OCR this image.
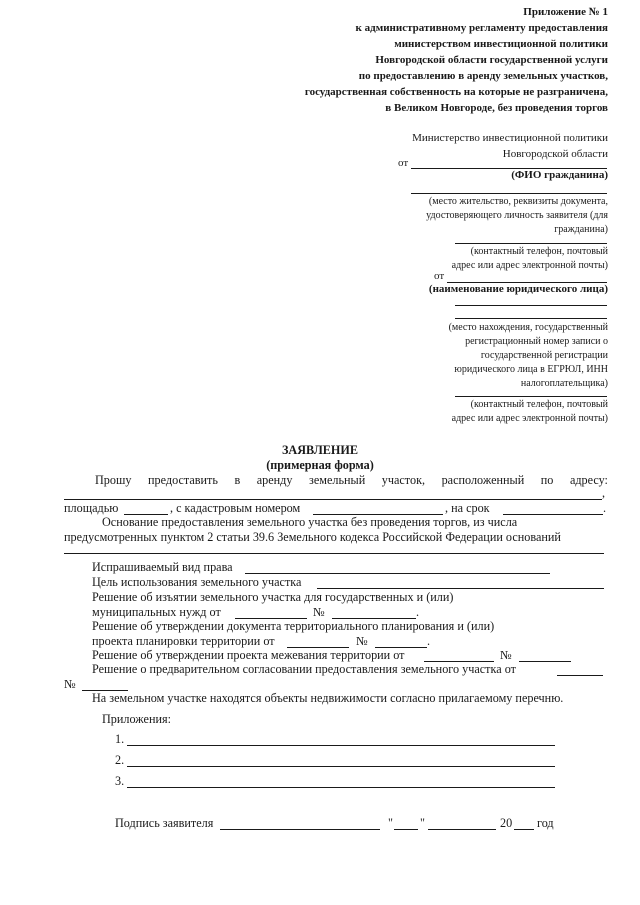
Приложение № 1
к административному регламенту предоставления
министерством инвестиционной политики
Новгородской области государственной услуги
по предоставлению в аренду земельных участков,
государственная собственность на которые не разграничена,
в Великом Новгороде, без проведения торгов
Министерство инвестиционной политики
Новгородской области
от
(ФИО гражданина)
(место жительство, реквизиты документа,
удостоверяющего личность заявителя (для
гражданина)
(контактный телефон, почтовый
адрес или адрес электронной почты)
от
(наименование юридического лица)
(место нахождения, государственный
регистрационный номер записи о
государственной регистрации
юридического лица в ЕГРЮЛ, ИНН
налогоплательщика)
(контактный телефон, почтовый
адрес или адрес электронной почты)
ЗАЯВЛЕНИЕ
(примерная форма)
Прошу предоставить в аренду земельный участок, расположенный по адресу:
,
площадью	, с кадастровым номером	, на срок	.
Основание предоставления земельного участка без проведения торгов, из числа
предусмотренных пунктом 2 статьи 39.6 Земельного кодекса Российской Федерации оснований
Испрашиваемый вид права
Цель использования земельного участка
Решение об изъятии земельного участка для государственных и (или)
муниципальных нужд от	№	.
Решение об утверждении документа территориального планирования и (или)
проекта планировки территории от	№	.
Решение об утверждении проекта межевания территории от	№
Решение о предварительном согласовании предоставления земельного участка от
№
На земельном участке находятся объекты недвижимости согласно прилагаемому перечню.
Приложения:
1.
2.
3.
Подпись заявителя	" "	20 год
